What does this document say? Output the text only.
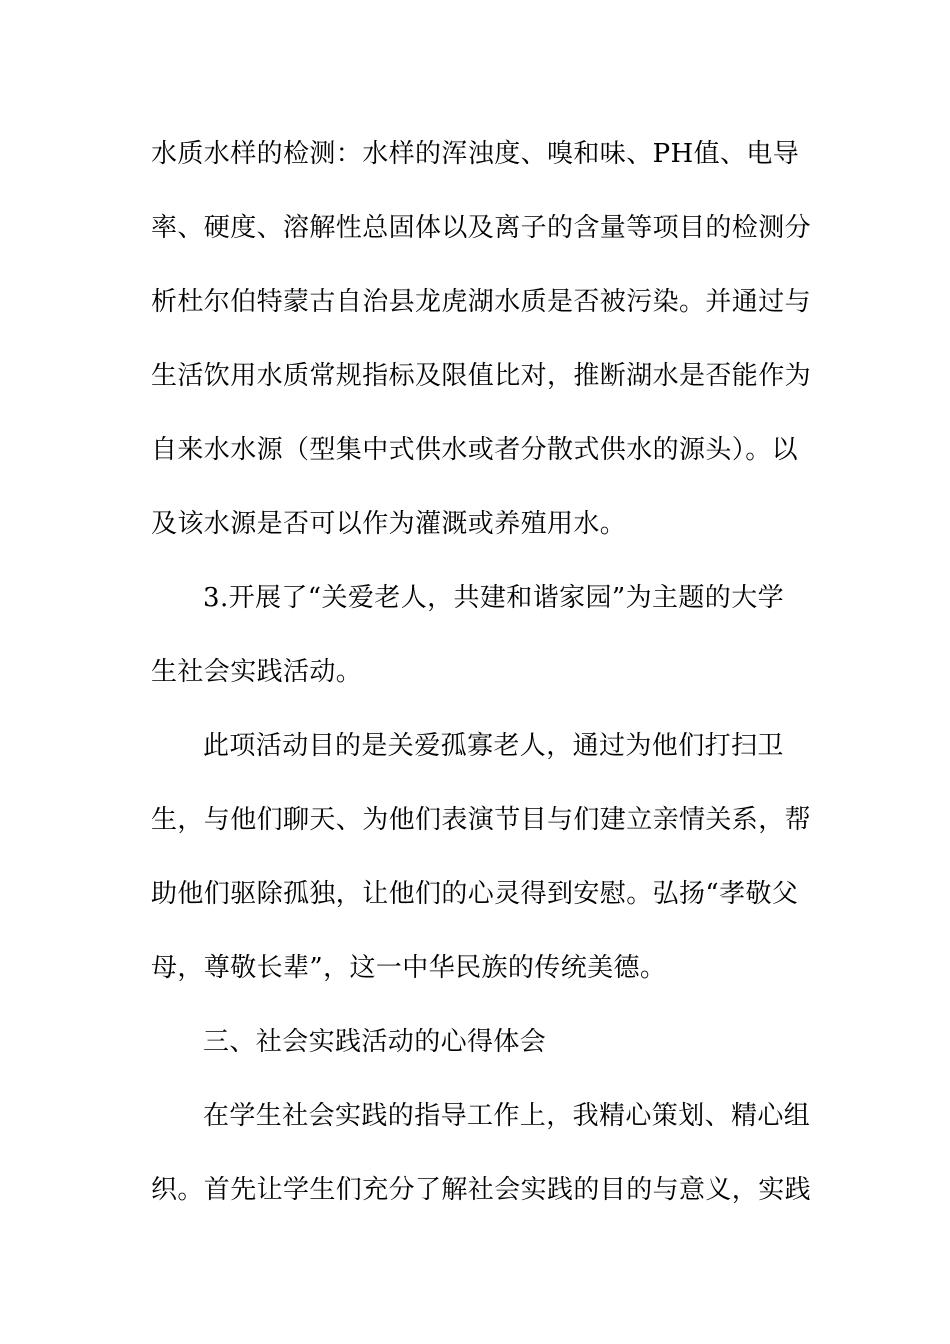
水质水样的检测：水样的浑浊度、嗅和味、PH值、电导
率、硬度、溶解性总固体以及离子的含量等项目的检测分
析杜尔伯特蒙古自治县龙虎湖水质是否被污染。并通过与
生活饮用水质常规指标及限值比对，推断湖水是否能作为
自来水水源（型集中式供水或者分散式供水的源头）。以
及该水源是否可以作为灌溉或养殖用水。
3.开展了“关爱老人，共建和谐家园”为主题的大学
生社会实践活动。
此项活动目的是关爱孤寡老人，通过为他们打扫卫
生，与他们聊天、为他们表演节目与们建立亲情关系，帮
助他们驱除孤独，让他们的心灵得到安慰。弘扬“孝敬父
母，尊敬长辈”，这一中华民族的传统美德。
三、社会实践活动的心得体会
在学生社会实践的指导工作上，我精心策划、精心组
织。首先让学生们充分了解社会实践的目的与意义，实践
